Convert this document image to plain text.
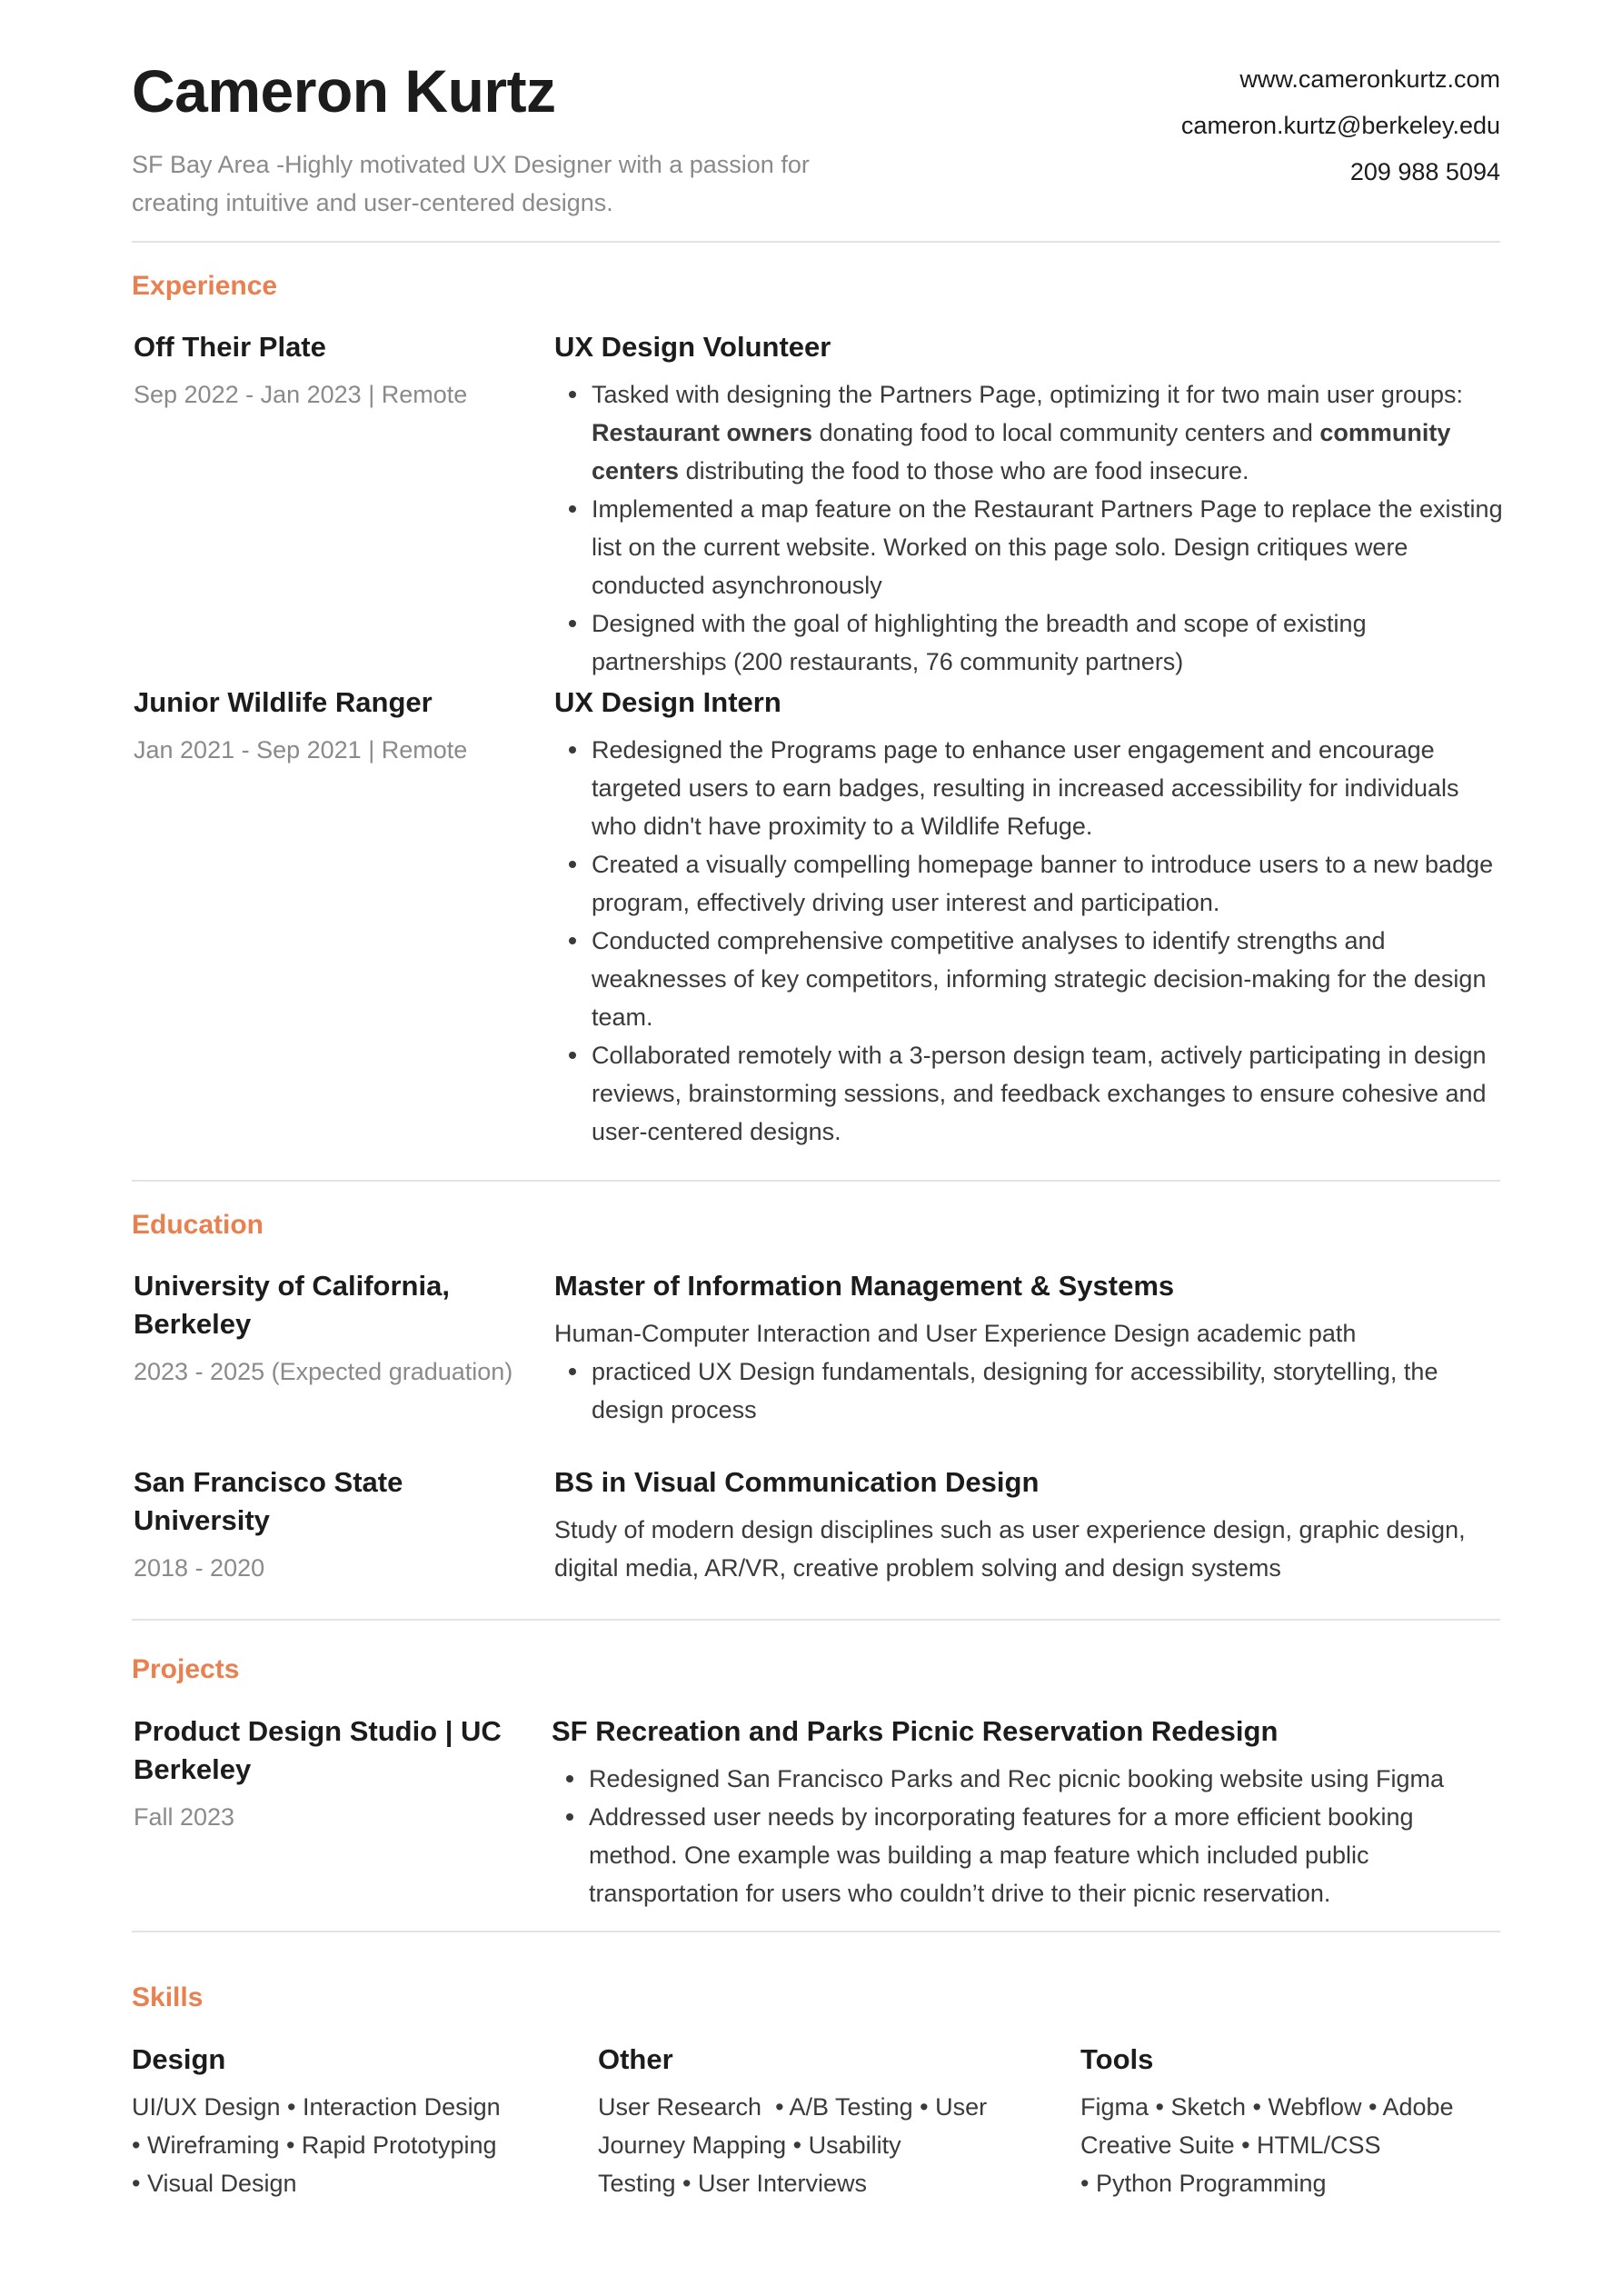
Cameron Kurtz
SF Bay Area -Highly motivated UX Designer with a passion for creating intuitive and user-centered designs.
www.cameronkurtz.com
cameron.kurtz@berkeley.edu
209 988 5094
Experience
Off Their Plate
Sep 2022 - Jan 2023 | Remote
UX Design Volunteer
Tasked with designing the Partners Page, optimizing it for two main user groups: Restaurant owners donating food to local community centers and community centers distributing the food to those who are food insecure.
Implemented a map feature on the Restaurant Partners Page to replace the existing list on the current website. Worked on this page solo. Design critiques were conducted asynchronously
Designed with the goal of highlighting the breadth and scope of existing partnerships (200 restaurants, 76 community partners)
Junior Wildlife Ranger
Jan 2021 - Sep 2021 | Remote
UX Design Intern
Redesigned the Programs page to enhance user engagement and encourage targeted users to earn badges, resulting in increased accessibility for individuals who didn't have proximity to a Wildlife Refuge.
Created a visually compelling homepage banner to introduce users to a new badge program, effectively driving user interest and participation.
Conducted comprehensive competitive analyses to identify strengths and weaknesses of key competitors, informing strategic decision-making for the design team.
Collaborated remotely with a 3-person design team, actively participating in design reviews, brainstorming sessions, and feedback exchanges to ensure cohesive and user-centered designs.
Education
University of California, Berkeley
2023 - 2025 (Expected graduation)
Master of Information Management & Systems
Human-Computer Interaction and User Experience Design academic path
practiced UX Design fundamentals, designing for accessibility, storytelling, the design process
San Francisco State University
2018 - 2020
BS in Visual Communication Design
Study of modern design disciplines such as user experience design, graphic design, digital media, AR/VR, creative problem solving and design systems
Projects
Product Design Studio | UC Berkeley
Fall 2023
SF Recreation and Parks Picnic Reservation Redesign
Redesigned San Francisco Parks and Rec picnic booking website using Figma
Addressed user needs by incorporating features for a more efficient booking method. One example was building a map feature which included public transportation for users who couldn’t drive to their picnic reservation.
Skills
Design
UI/UX Design • Interaction Design
• Wireframing • Rapid Prototyping
• Visual Design
Other
User Research  • A/B Testing • User
Journey Mapping • Usability
Testing • User Interviews
Tools
Figma • Sketch • Webflow • Adobe
Creative Suite • HTML/CSS
• Python Programming
